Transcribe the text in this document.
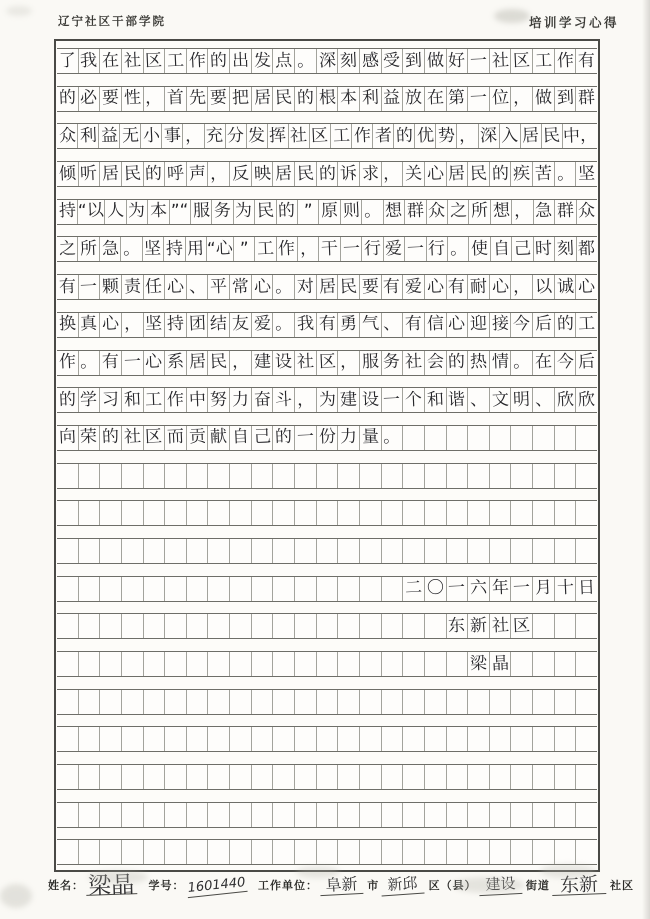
辽宁社区干部学院	培训学习心得
了 我 在 社 区 工 作 的 出 发 点 。 深 刻 感 受 到 做 好 一 社 区 工 作 有
的 必 要 性 ， 首 先 要 把 居 民 的 根 本 利 益 放 在 第 一 位 ， 做 到 群
众 利 益 无 小 事 ， 充 分 发 挥 社 区 工 作 者 的 优 势 ， 深 入 居 民 中，
倾 听 居 民 的 呼 声 ， 反 映 居 民 的 诉 求 ， 关 心 居 民 的 疾 苦 。 坚
持 “以 人 为 本 ”“ 服 务 为 民 的 ” 原 则 。 想 群 众 之 所 想 ， 急 群 众
之 所 急 。 坚 持 用 “心 ” 工 作 ， 干 一 行 爱 一 行 。 使 自 己 时 刻 都
有 一 颗 责 任 心 、 平 常 心 。 对 居 民 要 有 爱 心 有 耐 心 ， 以 诚 心
换 真 心 ， 坚 持 团 结 友 爱 。 我 有 勇 气 、 有 信 心 迎 接 今 后 的 工
作 。 有 一 心 系 居 民 ， 建 设 社 区 ， 服 务 社 会 的 热 情 。 在 今 后
的 学 习 和 工 作 中 努 力 奋 斗 ， 为 建 设 一 个 和 谐 、 文 明 、 欣 欣
向 荣 的 社 区 而 贡 献 自 己 的 一 份 力 量 。
二 〇 一 六 年 一 月 十 日
东 新 社 区
梁 晶
姓名： 梁晶 学号： 1601440 工作单位： 阜新 市 新邱 区（县） 建设 街道 东新	社区
